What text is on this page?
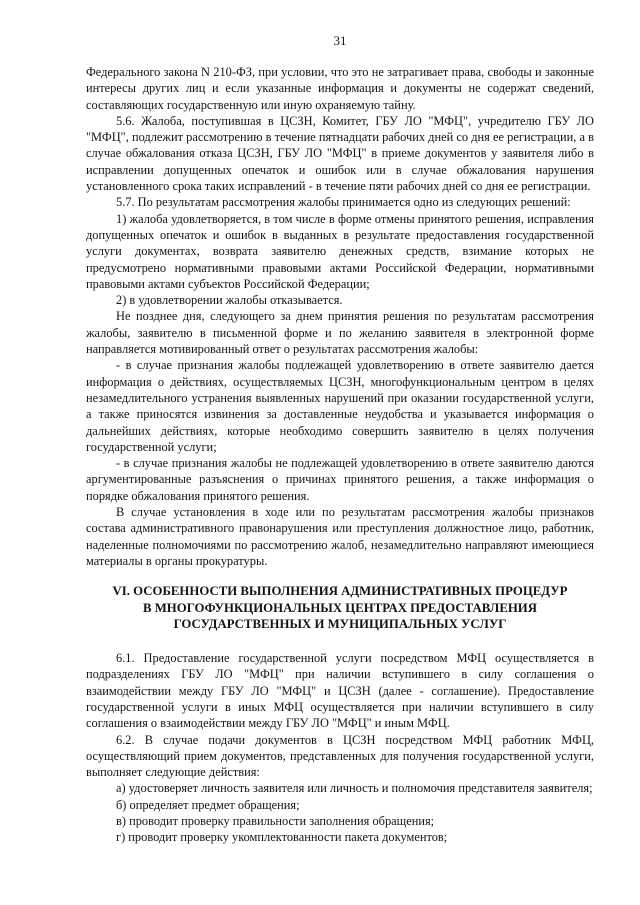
31

Федерального закона N 210-ФЗ, при условии, что это не затрагивает права, свободы и законные интересы других лиц и если указанные информация и документы не содержат сведений, составляющих государственную или иную охраняемую тайну.

5.6. Жалоба, поступившая в ЦСЗН, Комитет, ГБУ ЛО "МФЦ", учредителю ГБУ ЛО "МФЦ", подлежит рассмотрению в течение пятнадцати рабочих дней со дня ее регистрации, а в случае обжалования отказа ЦСЗН, ГБУ ЛО "МФЦ" в приеме документов у заявителя либо в исправлении допущенных опечаток и ошибок или в случае обжалования нарушения установленного срока таких исправлений - в течение пяти рабочих дней со дня ее регистрации.

5.7. По результатам рассмотрения жалобы принимается одно из следующих решений:

1) жалоба удовлетворяется, в том числе в форме отмены принятого решения, исправления допущенных опечаток и ошибок в выданных в результате предоставления государственной услуги документах, возврата заявителю денежных средств, взимание которых не предусмотрено нормативными правовыми актами Российской Федерации, нормативными правовыми актами субъектов Российской Федерации;

2) в удовлетворении жалобы отказывается.

Не позднее дня, следующего за днем принятия решения по результатам рассмотрения жалобы, заявителю в письменной форме и по желанию заявителя в электронной форме направляется мотивированный ответ о результатах рассмотрения жалобы:

- в случае признания жалобы подлежащей удовлетворению в ответе заявителю дается информация о действиях, осуществляемых ЦСЗН, многофункциональным центром в целях незамедлительного устранения выявленных нарушений при оказании государственной услуги, а также приносятся извинения за доставленные неудобства и указывается информация о дальнейших действиях, которые необходимо совершить заявителю в целях получения государственной услуги;

- в случае признания жалобы не подлежащей удовлетворению в ответе заявителю даются аргументированные разъяснения о причинах принятого решения, а также информация о порядке обжалования принятого решения.

В случае установления в ходе или по результатам рассмотрения жалобы признаков состава административного правонарушения или преступления должностное лицо, работник, наделенные полномочиями по рассмотрению жалоб, незамедлительно направляют имеющиеся материалы в органы прокуратуры.

VI. ОСОБЕННОСТИ ВЫПОЛНЕНИЯ АДМИНИСТРАТИВНЫХ ПРОЦЕДУР
В МНОГОФУНКЦИОНАЛЬНЫХ ЦЕНТРАХ ПРЕДОСТАВЛЕНИЯ
ГОСУДАРСТВЕННЫХ И МУНИЦИПАЛЬНЫХ УСЛУГ

6.1. Предоставление государственной услуги посредством МФЦ осуществляется в подразделениях ГБУ ЛО "МФЦ" при наличии вступившего в силу соглашения о взаимодействии между ГБУ ЛО "МФЦ" и ЦСЗН (далее - соглашение). Предоставление государственной услуги в иных МФЦ осуществляется при наличии вступившего в силу соглашения о взаимодействии между ГБУ ЛО "МФЦ" и иным МФЦ.

6.2. В случае подачи документов в ЦСЗН посредством МФЦ работник МФЦ, осуществляющий прием документов, представленных для получения государственной услуги, выполняет следующие действия:

а) удостоверяет личность заявителя или личность и полномочия представителя заявителя;

б) определяет предмет обращения;

в) проводит проверку правильности заполнения обращения;

г) проводит проверку укомплектованности пакета документов;
